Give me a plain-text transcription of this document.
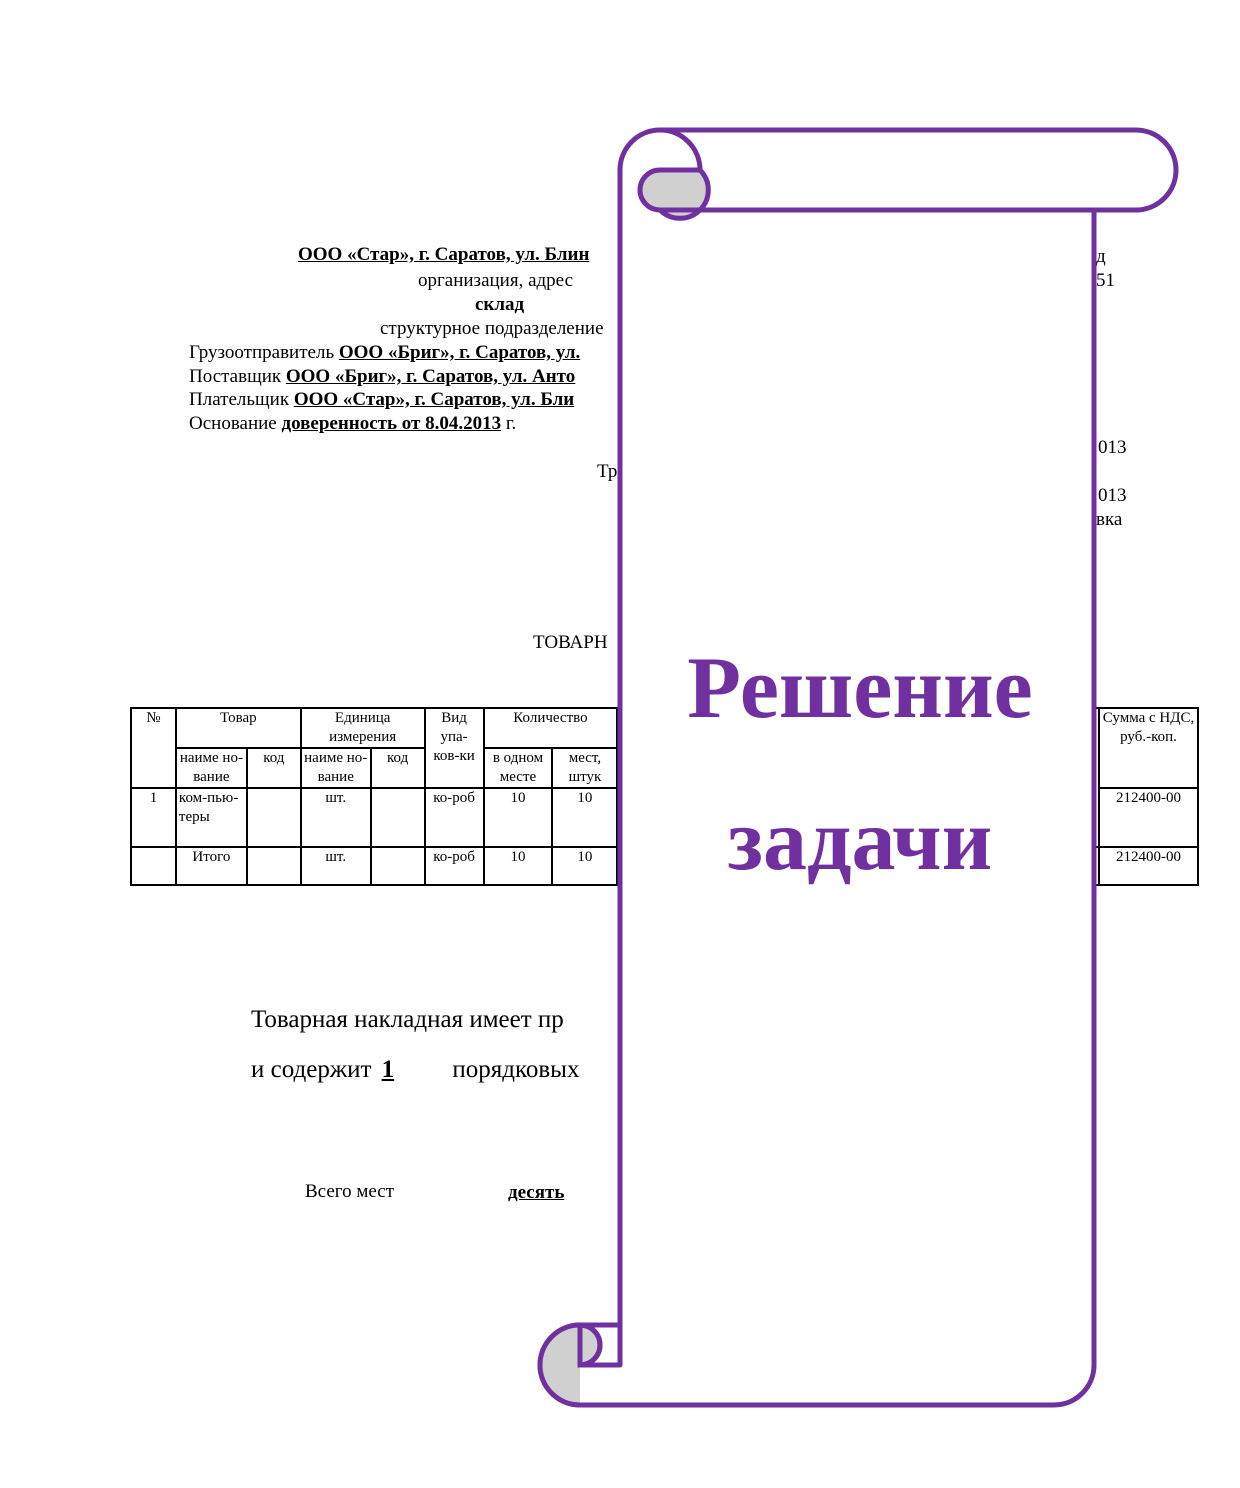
ООО «Стар», г. Саратов, ул. Блин
организация, адрес
склад
структурное подразделение
Грузоотправитель ООО «Бриг», г. Саратов, ул.
Поставщик ООО «Бриг», г. Саратов, ул. Анто
Плательщик ООО «Стар», г. Саратов, ул. Бли
Основание доверенность от 8.04.2013 г.
д
51
013
013
вка
Тр
ТОВАРН
№	Товар		Единица измерения		Вид упа-ков-ки	Количество			Сумма с НДС, руб.-коп.
	наиме но-вание	код	наиме но-вание	код		в одном месте	мест, штук		
1	ком-пью-теры		шт.		ко-роб	10	10		212400-00
	Итого		шт.		ко-роб	10	10		212400-00
Товарная накладная имеет пр
и содержит 1 порядковых
Всего мест	десять
Решение
задачи
